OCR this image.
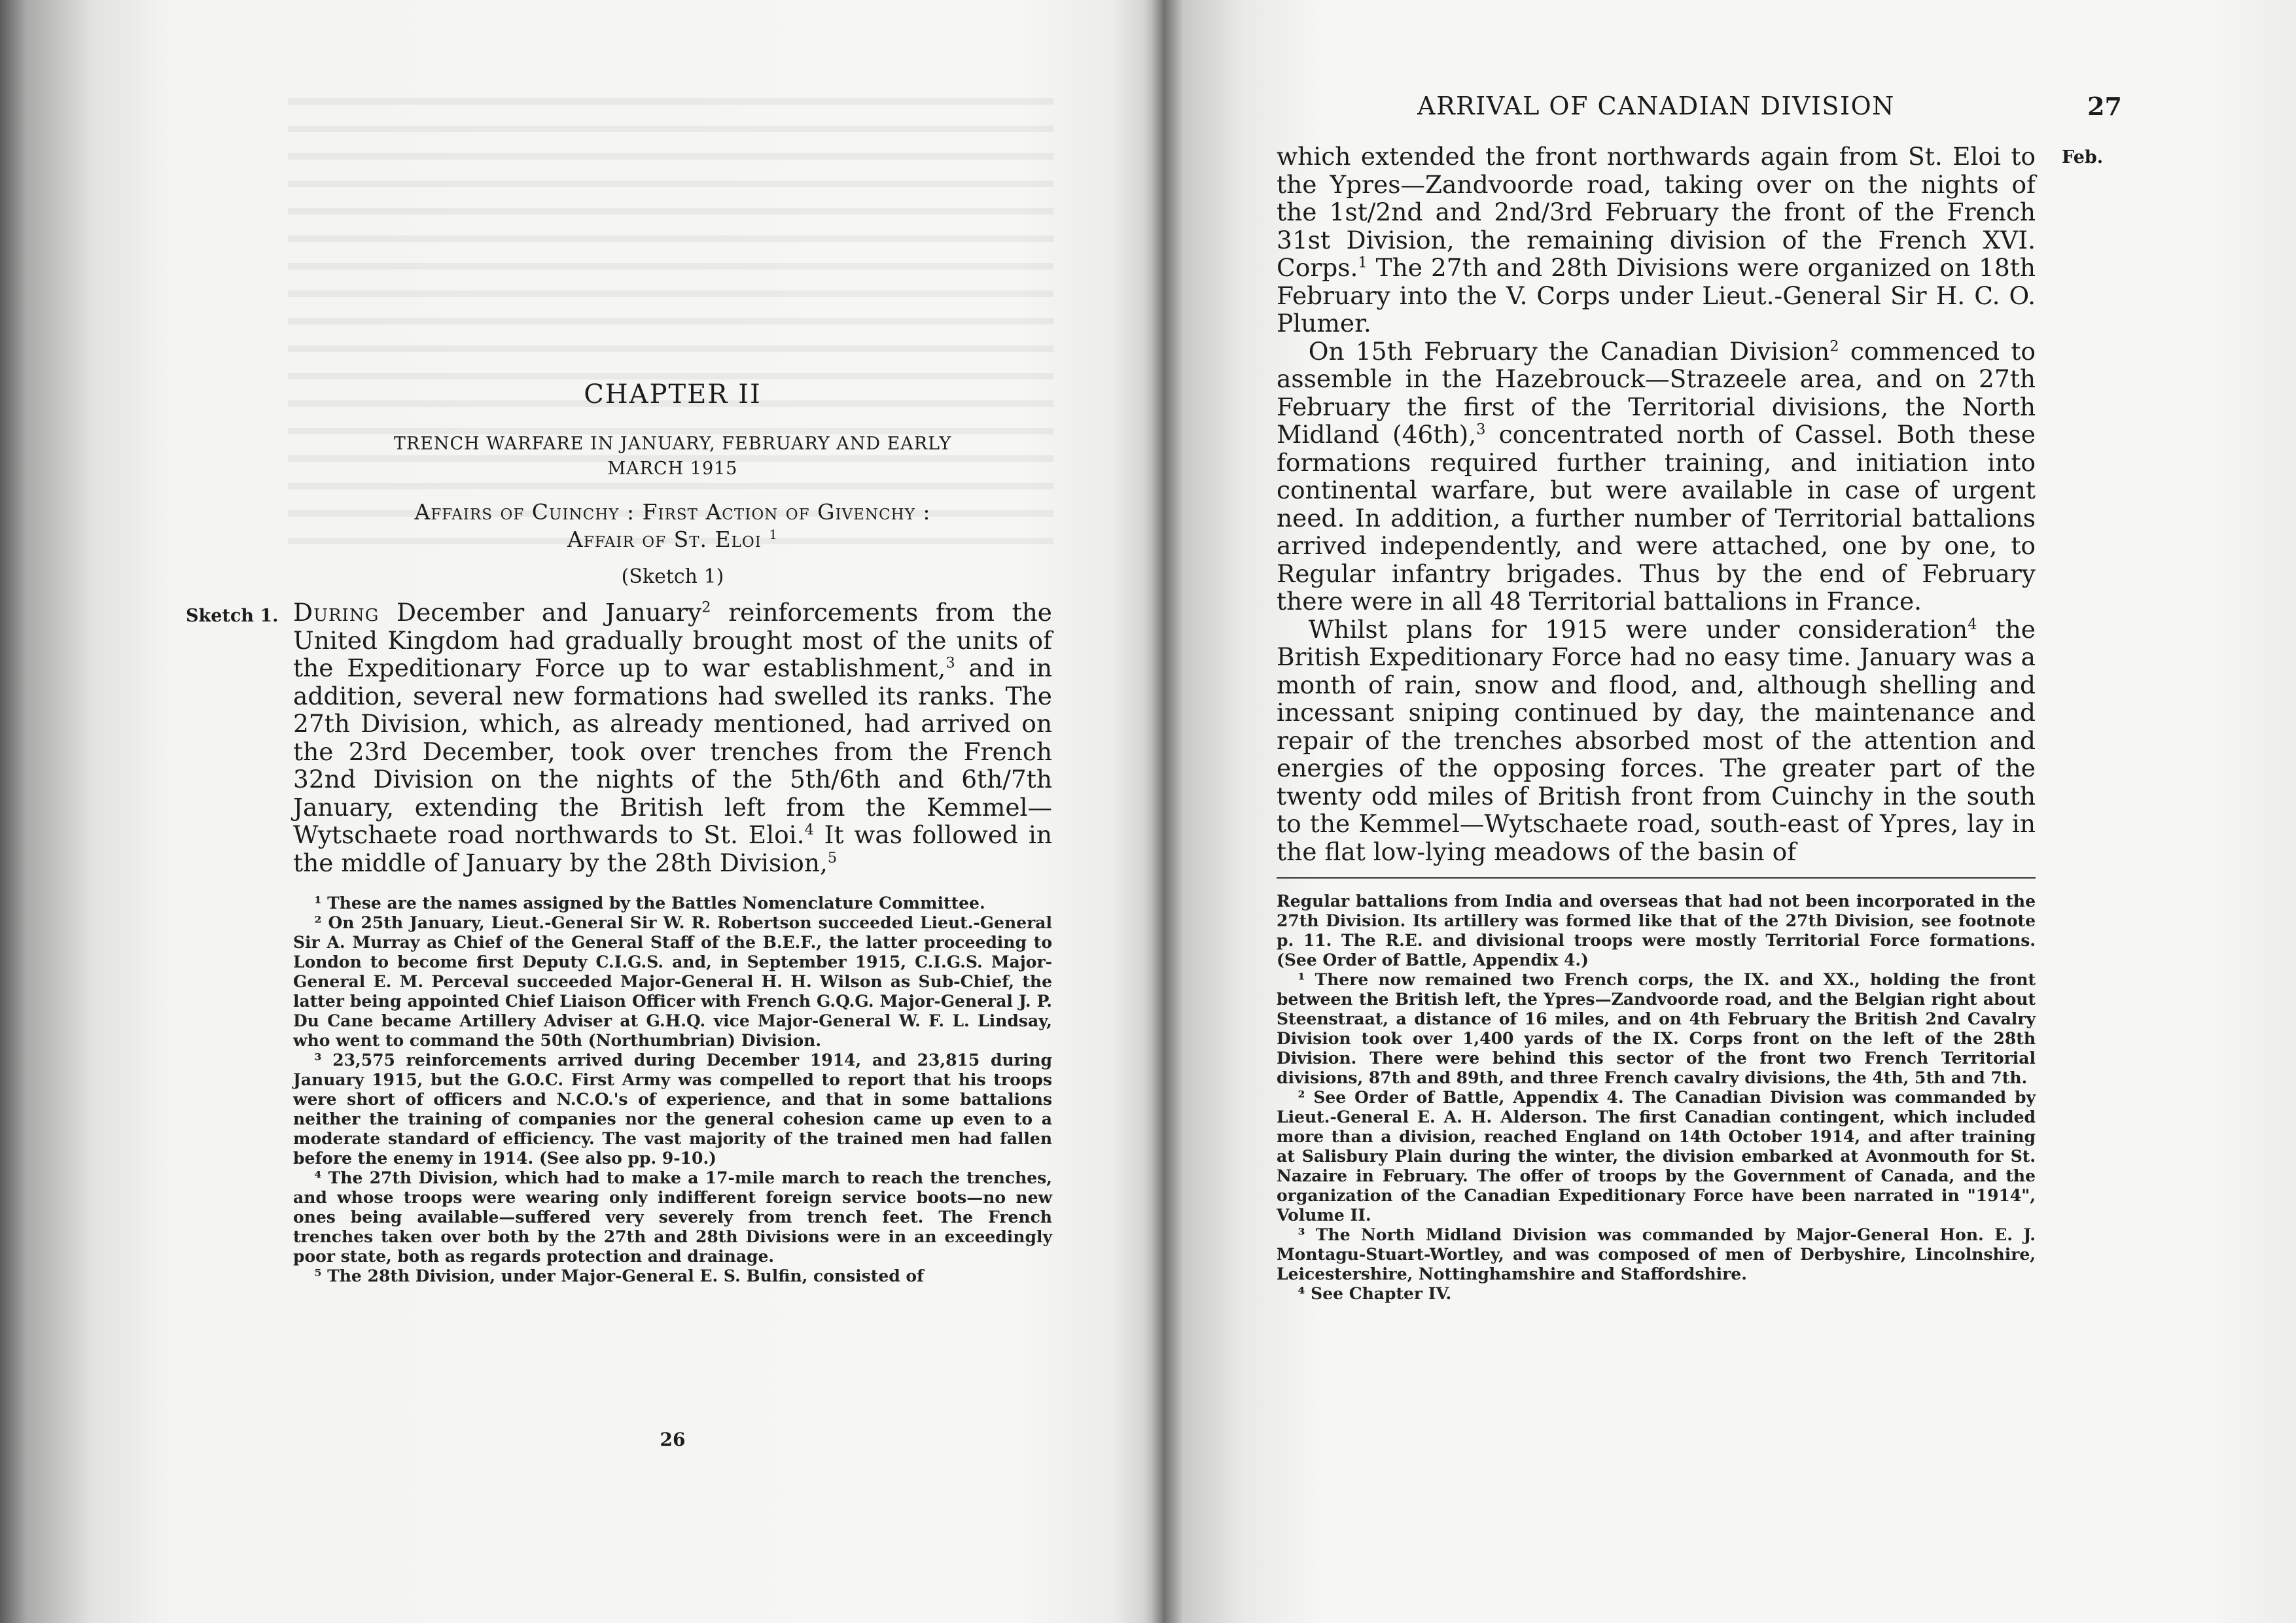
CHAPTER II
TRENCH WARFARE IN JANUARY, FEBRUARY AND EARLY
MARCH 1915
Affairs of Cuinchy : First Action of Givenchy :
Affair of St. Eloi $^1$
(Sketch 1)
Sketch 1. During December and January$^2$ reinforcements from the United Kingdom had gradually brought most of the units of the Expeditionary Force up to war establishment,$^3$ and in addition, several new formations had swelled its ranks. The 27th Division, which, as already mentioned, had arrived on the 23rd December, took over trenches from the French 32nd Division on the nights of the 5th/6th and 6th/7th January, extending the British left from the Kemmel—Wytschaete road northwards to St. Eloi.$^4$ It was followed in the middle of January by the 28th Division,$^5$

¹ These are the names assigned by the Battles Nomenclature Committee.

² On 25th January, Lieut.-General Sir W. R. Robertson succeeded Lieut.-General Sir A. Murray as Chief of the General Staff of the B.E.F., the latter proceeding to London to become first Deputy C.I.G.S. and, in September 1915, C.I.G.S. Major-General E. M. Perceval succeeded Major-General H. H. Wilson as Sub-Chief, the latter being appointed Chief Liaison Officer with French G.Q.G. Major-General J. P. Du Cane became Artillery Adviser at G.H.Q. vice Major-General W. F. L. Lindsay, who went to command the 50th (Northumbrian) Division.

³ 23,575 reinforcements arrived during December 1914, and 23,815 during January 1915, but the G.O.C. First Army was compelled to report that his troops were short of officers and N.C.O.'s of experience, and that in some battalions neither the training of companies nor the general cohesion came up even to a moderate standard of efficiency. The vast majority of the trained men had fallen before the enemy in 1914. (See also pp. 9-10.)

⁴ The 27th Division, which had to make a 17-mile march to reach the trenches, and whose troops were wearing only indifferent foreign service boots—no new ones being available—suffered very severely from trench feet. The French trenches taken over both by the 27th and 28th Divisions were in an exceedingly poor state, both as regards protection and drainage.

⁵ The 28th Division, under Major-General E. S. Bulfin, consisted of

26
ARRIVAL OF CANADIAN DIVISION	27
Feb.

which extended the front northwards again from St. Eloi to the Ypres—Zandvoorde road, taking over on the nights of the 1st/2nd and 2nd/3rd February the front of the French 31st Division, the remaining division of the French XVI. Corps.$^1$ The 27th and 28th Divisions were organized on 18th February into the V. Corps under Lieut.-General Sir H. C. O. Plumer.

On 15th February the Canadian Division$^2$ commenced to assemble in the Hazebrouck—Strazeele area, and on 27th February the first of the Territorial divisions, the North Midland (46th),$^3$ concentrated north of Cassel. Both these formations required further training, and initiation into continental warfare, but were available in case of urgent need. In addition, a further number of Territorial battalions arrived independently, and were attached, one by one, to Regular infantry brigades. Thus by the end of February there were in all 48 Territorial battalions in France.

Whilst plans for 1915 were under consideration$^4$ the British Expeditionary Force had no easy time. January was a month of rain, snow and flood, and, although shelling and incessant sniping continued by day, the maintenance and repair of the trenches absorbed most of the attention and energies of the opposing forces. The greater part of the twenty odd miles of British front from Cuinchy in the south to the Kemmel—Wytschaete road, south-east of Ypres, lay in the flat low-lying meadows of the basin of

Regular battalions from India and overseas that had not been incorporated in the 27th Division. Its artillery was formed like that of the 27th Division, see footnote p. 11. The R.E. and divisional troops were mostly Territorial Force formations. (See Order of Battle, Appendix 4.)

¹ There now remained two French corps, the IX. and XX., holding the front between the British left, the Ypres—Zandvoorde road, and the Belgian right about Steenstraat, a distance of 16 miles, and on 4th February the British 2nd Cavalry Division took over 1,400 yards of the IX. Corps front on the left of the 28th Division. There were behind this sector of the front two French Territorial divisions, 87th and 89th, and three French cavalry divisions, the 4th, 5th and 7th.

² See Order of Battle, Appendix 4. The Canadian Division was commanded by Lieut.-General E. A. H. Alderson. The first Canadian contingent, which included more than a division, reached England on 14th October 1914, and after training at Salisbury Plain during the winter, the division embarked at Avonmouth for St. Nazaire in February. The offer of troops by the Government of Canada, and the organization of the Canadian Expeditionary Force have been narrated in "1914", Volume II.

³ The North Midland Division was commanded by Major-General Hon. E. J. Montagu-Stuart-Wortley, and was composed of men of Derbyshire, Lincolnshire, Leicestershire, Nottinghamshire and Staffordshire.

⁴ See Chapter IV.
